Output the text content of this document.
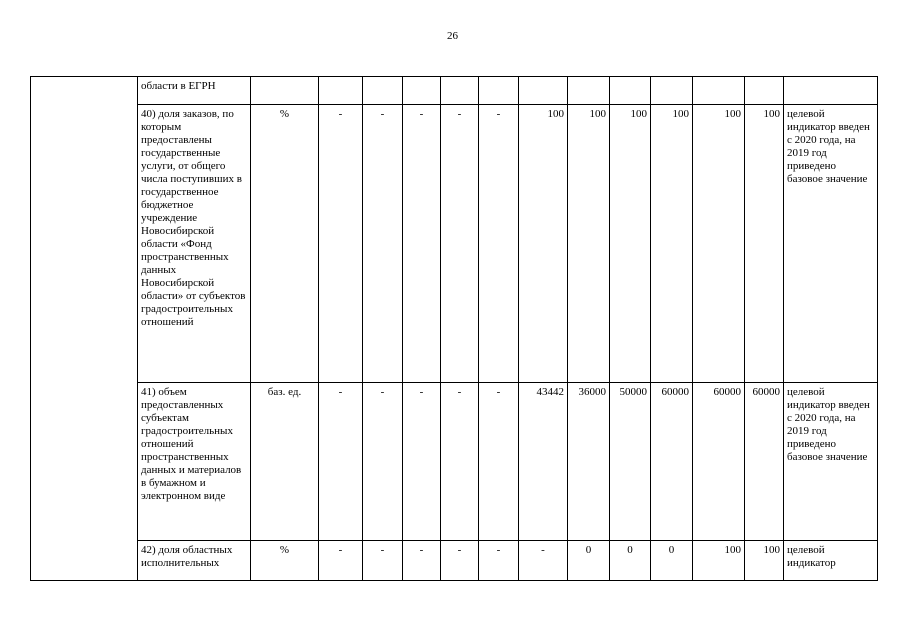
26
	области в ЕГРН													
	40) доля заказов, по которым предоставлены государственные услуги, от общего числа поступивших в государственное бюджетное учреждение Новосибирской области «Фонд пространственных данных Новосибирской области» от субъектов градостроительных отношений	%	-	-	-	-	-	100	100	100	100	100	100	целевой индикатор введен с 2020 года, на 2019 год приведено базовое значение
	41) объем предоставленных субъектам градостроительных отношений пространственных данных и материалов в бумажном и электронном виде	баз. ед.	-	-	-	-	-	43442	36000	50000	60000	60000	60000	целевой индикатор введен с 2020 года, на 2019 год приведено базовое значение
	42) доля областных исполнительных	%	-	-	-	-	-	-	0	0	0	100	100	целевой индикатор
